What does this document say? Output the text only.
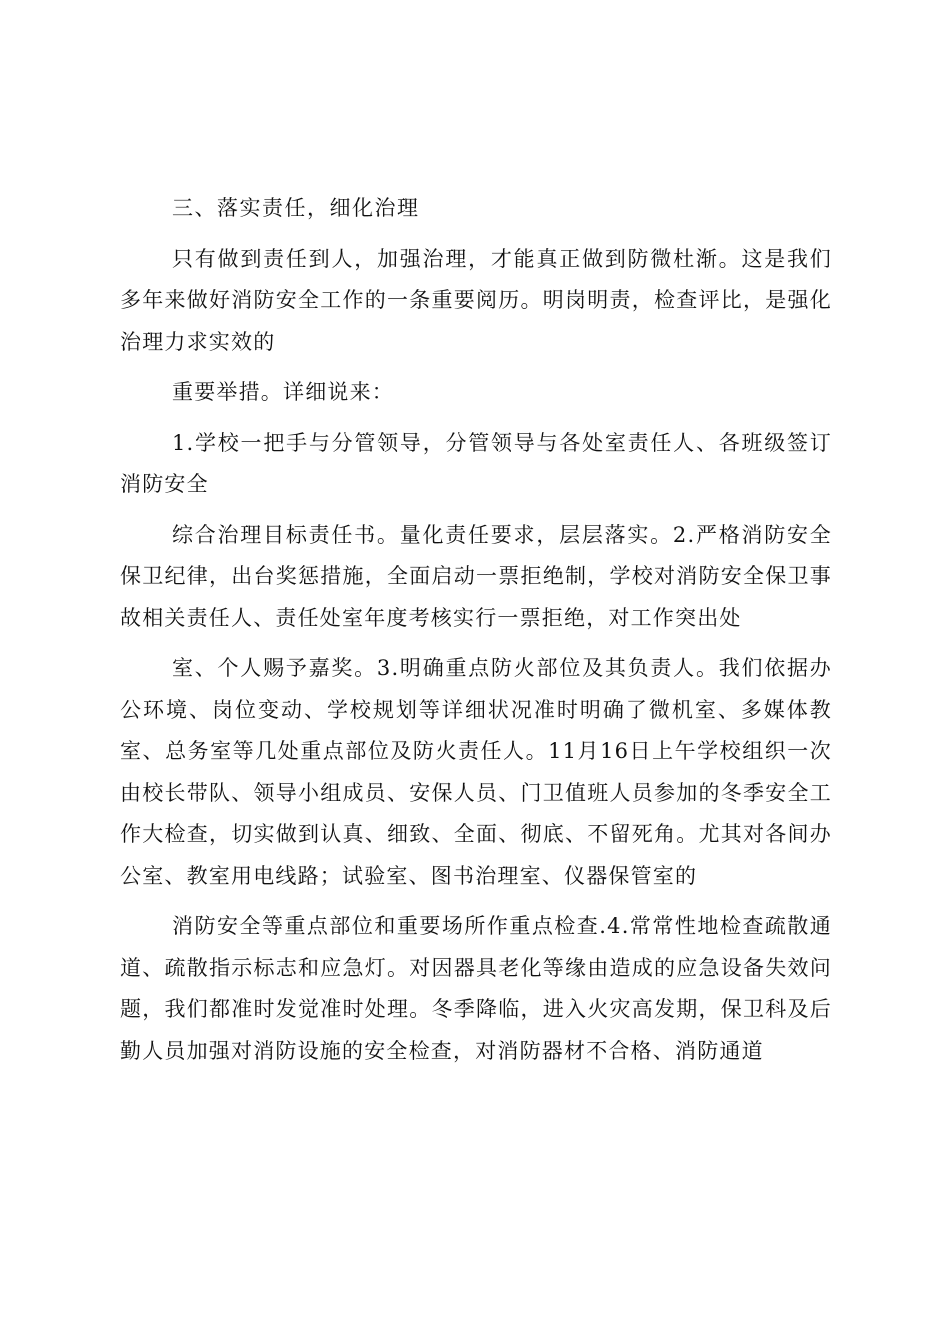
三、落实责任，细化治理

只有做到责任到人，加强治理，才能真正做到防微杜渐。这是我们多年来做好消防安全工作的一条重要阅历。明岗明责，检查评比，是强化治理力求实效的

重要举措。详细说来：

1.学校一把手与分管领导，分管领导与各处室责任人、各班级签订消防安全

综合治理目标责任书。量化责任要求，层层落实。2.严格消防安全保卫纪律，出台奖惩措施，全面启动一票拒绝制，学校对消防安全保卫事故相关责任人、责任处室年度考核实行一票拒绝，对工作突出处

室、个人赐予嘉奖。3.明确重点防火部位及其负责人。我们依据办公环境、岗位变动、学校规划等详细状况准时明确了微机室、多媒体教室、总务室等几处重点部位及防火责任人。11月16日上午学校组织一次由校长带队、领导小组成员、安保人员、门卫值班人员参加的冬季安全工作大检查，切实做到认真、细致、全面、彻底、不留死角。尤其对各间办公室、教室用电线路；试验室、图书治理室、仪器保管室的

消防安全等重点部位和重要场所作重点检查.4.常常性地检查疏散通道、疏散指示标志和应急灯。对因器具老化等缘由造成的应急设备失效问题，我们都准时发觉准时处理。冬季降临，进入火灾高发期，保卫科及后勤人员加强对消防设施的安全检查，对消防器材不合格、消防通道
